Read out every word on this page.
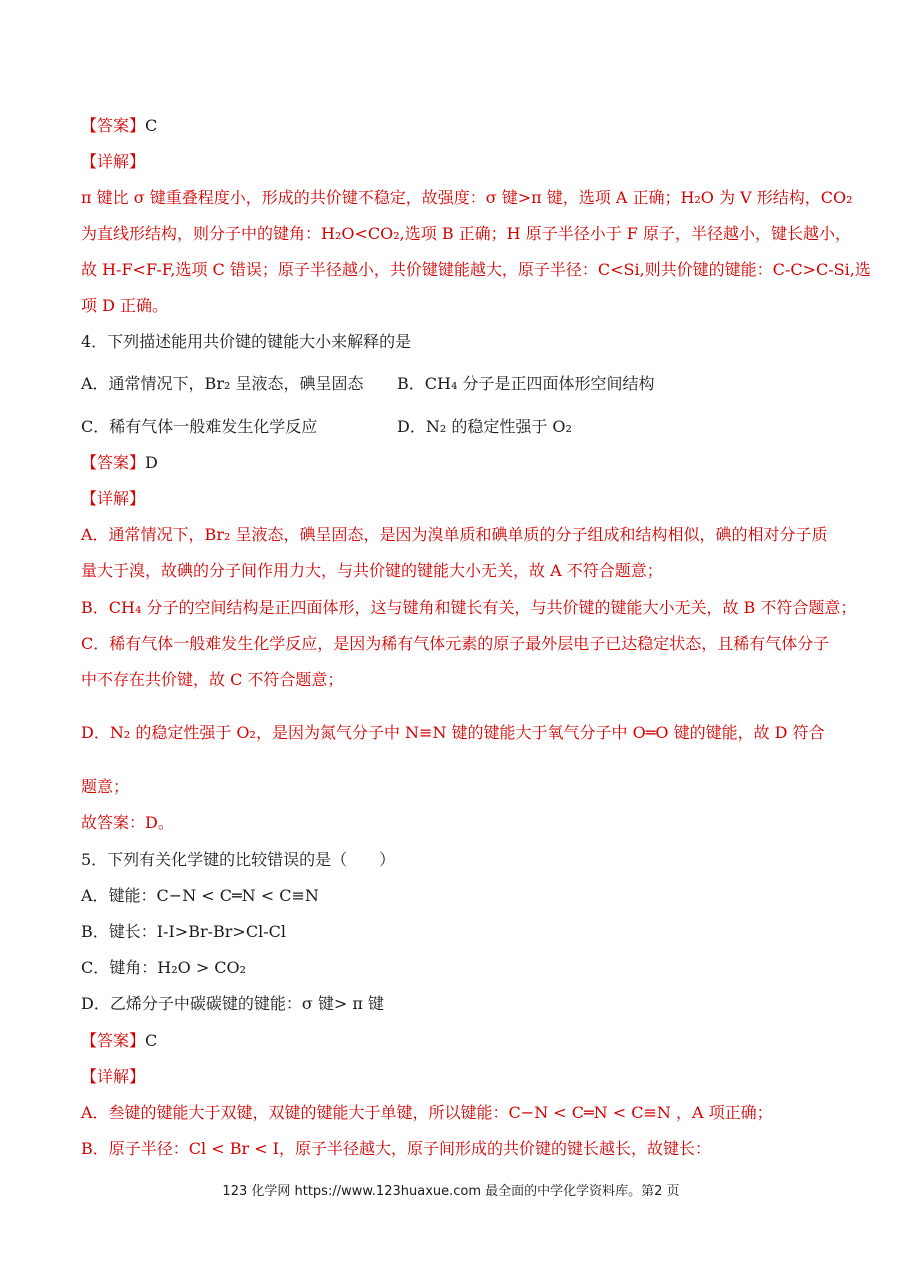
【答案】C
【详解】
π 键比 σ 键重叠程度小，形成的共价键不稳定，故强度：σ 键>π 键，选项 A 正确；H₂O 为 V 形结构，CO₂
为直线形结构，则分子中的键角：H₂O<CO₂,选项 B 正确；H 原子半径小于 F 原子，半径越小，键长越小，
故 H-F<F-F,选项 C 错误；原子半径越小，共价键键能越大，原子半径：C<Si,则共价键的键能：C-C>C-Si,选
项 D 正确。
4．下列描述能用共价键的键能大小来解释的是
A．通常情况下，Br₂ 呈液态，碘呈固态 B．CH₄ 分子是正四面体形空间结构
C．稀有气体一般难发生化学反应	D．N₂ 的稳定性强于 O₂
【答案】D
【详解】
A．通常情况下，Br₂ 呈液态，碘呈固态，是因为溴单质和碘单质的分子组成和结构相似，碘的相对分子质
量大于溴，故碘的分子间作用力大，与共价键的键能大小无关，故 A 不符合题意；
B．CH₄ 分子的空间结构是正四面体形，这与键角和键长有关，与共价键的键能大小无关，故 B 不符合题意；
C．稀有气体一般难发生化学反应，是因为稀有气体元素的原子最外层电子已达稳定状态，且稀有气体分子
中不存在共价键，故 C 不符合题意；
D．N₂ 的稳定性强于 O₂，是因为氮气分子中 N≡N 键的键能大于氧气分子中 O═O 键的键能，故 D 符合
题意；
故答案：D。
5．下列有关化学键的比较错误的是（　　）
A．键能：C−N < C═N < C≡N
B．键长：I-I>Br-Br>Cl-Cl
C．键角：H₂O > CO₂
D．乙烯分子中碳碳键的键能：σ 键> π 键
【答案】C
【详解】
A．叁键的键能大于双键，双键的键能大于单键，所以键能：C−N < C═N < C≡N ，A 项正确；
B．原子半径：Cl < Br < I，原子半径越大，原子间形成的共价键的键长越长，故键长：
123 化学网 https://www.123huaxue.com 最全面的中学化学资料库。第2 页
